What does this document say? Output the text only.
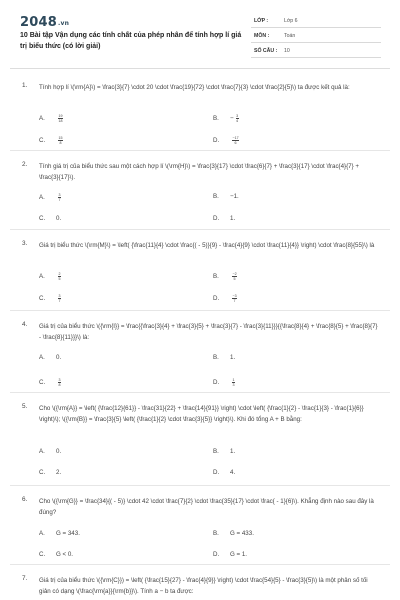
2048.vn
10 Bài tập Vận dụng các tính chất của phép nhân để tính hợp lí giá trị biểu thức (có lời giải)
LỚP :	Lớp 6
MÔN :	Toán
SỐ CÂU : 10
1. Tính hợp lí \(\rm{A}\) = \frac{3}{7} \cdot 20 \cdot \frac{19}{72} \cdot \frac{7}{3} \cdot \frac{2}{5}\) ta được kết quả là:
A.	$\frac{19}{18}$	B. − $\frac{3}{4}$
C.	$\frac{15}{8}$	D.	$\frac{-17}{6}$
2. Tính giá trị của biểu thức sau một cách hợp lí \(\rm{H}\) = \frac{3}{17} \cdot \frac{6}{7} + \frac{3}{17} \cdot \frac{4}{7} + \frac{3}{17}\).
A.	$\frac{3}{7}$	B. −1.
C. 0.	D. 1.
3. Giá trị biểu thức \(\rm{M}\) = \left( {\frac{11}{4} \cdot \frac{( - 5)}{9} - \frac{4}{9} \cdot \frac{11}{4}} \right) \cdot \frac{8}{55}\) là
A.	$\frac{2}{5}$	B.	$\frac{-2}{5}$
C.	$\frac{3}{7}$	D.	$\frac{-3}{7}$
4. Giá trị của biểu thức \({\rm{I}} = \frac{{\frac{3}{4} + \frac{3}{5} + \frac{3}{7} - \frac{3}{11}}}{{\frac{8}{4} + \frac{8}{5} + \frac{8}{7} - \frac{8}{11}}}\) là:
A. 0.	B. 1.
C.	$\frac{3}{8}$	D.	$\frac{1}{3}$
5. Cho \({\rm{A}} = \left( {\frac{12}{61}} - \frac{31}{22} + \frac{14}{91}} \right) \cdot \left( {\frac{1}{2} - \frac{1}{3} - \frac{1}{6}} \right)\); \({\rm{B}} = \frac{3}{5} \left( {\frac{1}{2} \cdot \frac{3}{5}} \right)\). Khi đó tổng A + B bằng:
A. 0.	B. 1.
C. 2.	D. 4.
6. Cho \({\rm{G}} = \frac{34}{( - 5)} \cdot 42 \cdot \frac{7}{2} \cdot \frac{35}{17} \cdot \frac{ - 1}{6}\). Khẳng định nào sau đây là đúng?
A. G = 343.	B. G = 433.
C. G < 0.	D. G = 1.
7. Giá trị của biểu thức \({\rm{C}}) = \left( {\frac{15}{27} - \frac{4}{9}} \right) \cdot \frac{54}{5} - \frac{3}{5}\) là một phân số tối giản có dạng \(\frac{\rm{a}}{\rm{b}}\). Tính a − b ta được:
